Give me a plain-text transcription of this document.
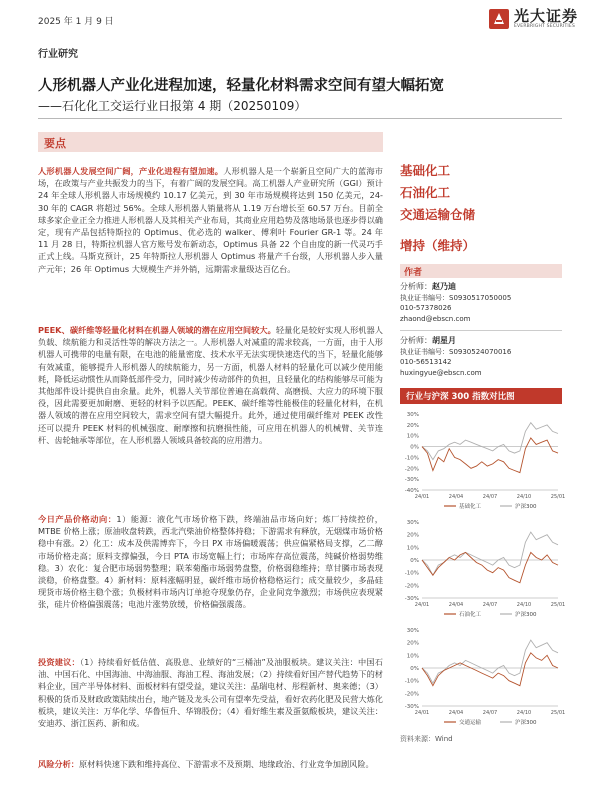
2025 年 1 月 9 日	光大证券
EVERBRIGHT SECURITIES
行业研究
人形机器人产业化进程加速，轻量化材料需求空间有望大幅拓宽
——石化化工交运行业日报第 4 期（20250109）
要点
人形机器人发展空间广阔，产业化进程有望加速。人形机器人是一个崭新且空间广大的蓝海市场，在政策与产业共振发力的当下，有着广阔的发展空间。高工机器人产业研究所（GGI）预计 24 年全球人形机器人市场规模约 10.17 亿美元，到 30 年市场规模将达到 150 亿美元，24-30 年的 CAGR 将超过 56%。全球人形机器人销量将从 1.19 万台增长至 60.57 万台。目前全球多家企业正全力推进人形机器人及其相关产业布局，其商业应用趋势及落地场景也逐步得以确定，现有产品包括特斯拉的 Optimus、优必选的 walker、傅利叶 Fourier GR-1 等。24 年 11 月 28 日，特斯拉机器人官方账号发布新动态，Optimus 具备 22 个自由度的新一代灵巧手正式上线。马斯克预计，25 年特斯拉人形机器人 Optimus 将量产千台级，人形机器人步入量产元年；26 年 Optimus 大规模生产并外销，远期需求量级达百亿台。
PEEK、碳纤维等轻量化材料在机器人领域的潜在应用空间较大。轻量化是较好实现人形机器人负载、续航能力和灵活性等的解决方法之一。人形机器人对减重的需求较高，一方面，由于人形机器人可携带的电量有限，在电池的能量密度、技术水平无法实现快速迭代的当下，轻量化能够有效减重，能够提升人形机器人的续航能力，另一方面，机器人材料的轻量化可以减少使用能耗，降低运动惯性从而降低部件受力，同时减少传动部件的负担，且轻量化的结构能够尽可能为其他部件设计提供自由余量。此外，机器人关节部位普遍在高载荷、高磨损、大应力的环境下服役，因此需要更加耐磨、更轻的材料予以匹配。PEEK、碳纤维等性能极佳的轻量化材料，在机器人领域的潜在应用空间较大，需求空间有望大幅提升。此外，通过使用碳纤维对 PEEK 改性还可以提升 PEEK 材料的机械强度、耐摩擦和抗磨损性能，可应用在机器人的机械臂、关节连杆、齿轮轴承等部位，在人形机器人领域具备较高的应用潜力。
今日产品价格动向：1）能源：液化气市场价格下跌，终端油品市场向好；炼厂持续控价，MTBE 价格上涨；原油收盘转跌，西北汽柴油价格整体持稳；下游需求有释放，无烟煤市场价格稳中有涨。2）化工：成本及供需博弈下，今日 PX 市场偏暖震荡；供应偏紧格局支撑，乙二醇市场价格走高；原料支撑偏强，今日 PTA 市场宽幅上行；市场库存高位震荡，纯碱价格弱势维稳。3）农化：复合肥市场弱势整理；联苯菊酯市场弱势盘整，价格弱稳维持；草甘膦市场表现淡稳，价格盘整。4）新材料：原料涨幅明显，碳纤维市场价格稳格运行；成交量较少，多晶硅现货市场价格主稳个涨；负极材料市场内订单抢夺现象仍存，企业间竞争激烈；市场供应表现紧张，硅片价格偏强震荡；电池片涨势放缓，价格偏强震荡。
投资建议：（1）持续看好低估值、高股息、业绩好的“三桶油”及油服板块。建议关注：中国石油、中国石化、中国海油、中海油服、海油工程、海油发展；（2）持续看好国产替代趋势下的材料企业，国产半导体材料、面板材料有望受益，建议关注：晶瑞电材、彤程新材、奥来德；（3）积极的货币及财政政策陆续出台，地产链及龙头公司有望率先受益，看好农药化肥及民营大炼化板块，建议关注：万华化学、华鲁恒升、华锦股份；（4）看好维生素及蛋氨酸板块，建议关注：安迪苏、浙江医药、新和成。
风险分析：原材料快速下跌和维持高位、下游需求不及预期、地缘政治、行业竞争加剧风险。
基础化工
石油化工
交通运输仓储
增持（维持）
作者
分析师：赵乃迪
执业证书编号：S0930517050005
010-57378026
zhaond@ebscn.com
分析师：胡星月
执业证书编号：S0930524070016
010-56513142
huxingyue@ebscn.com
行业与沪深 300 指数对比图
30%
20%
10%
0%
-10%
-20%
-30%
-40%
24/01	24/04	24/07	24/10	25/01
基础化工	沪深300
30%
20%
10%
0%
-10%
-20%
-30%
24/01	24/04	24/07	24/10	25/01
石油化工	沪深300
30%
20%
10%
0%
-10%
-20%
-30%
24/01	24/04	24/07	24/10	25/01
交通运输	沪深300
资料来源：Wind
